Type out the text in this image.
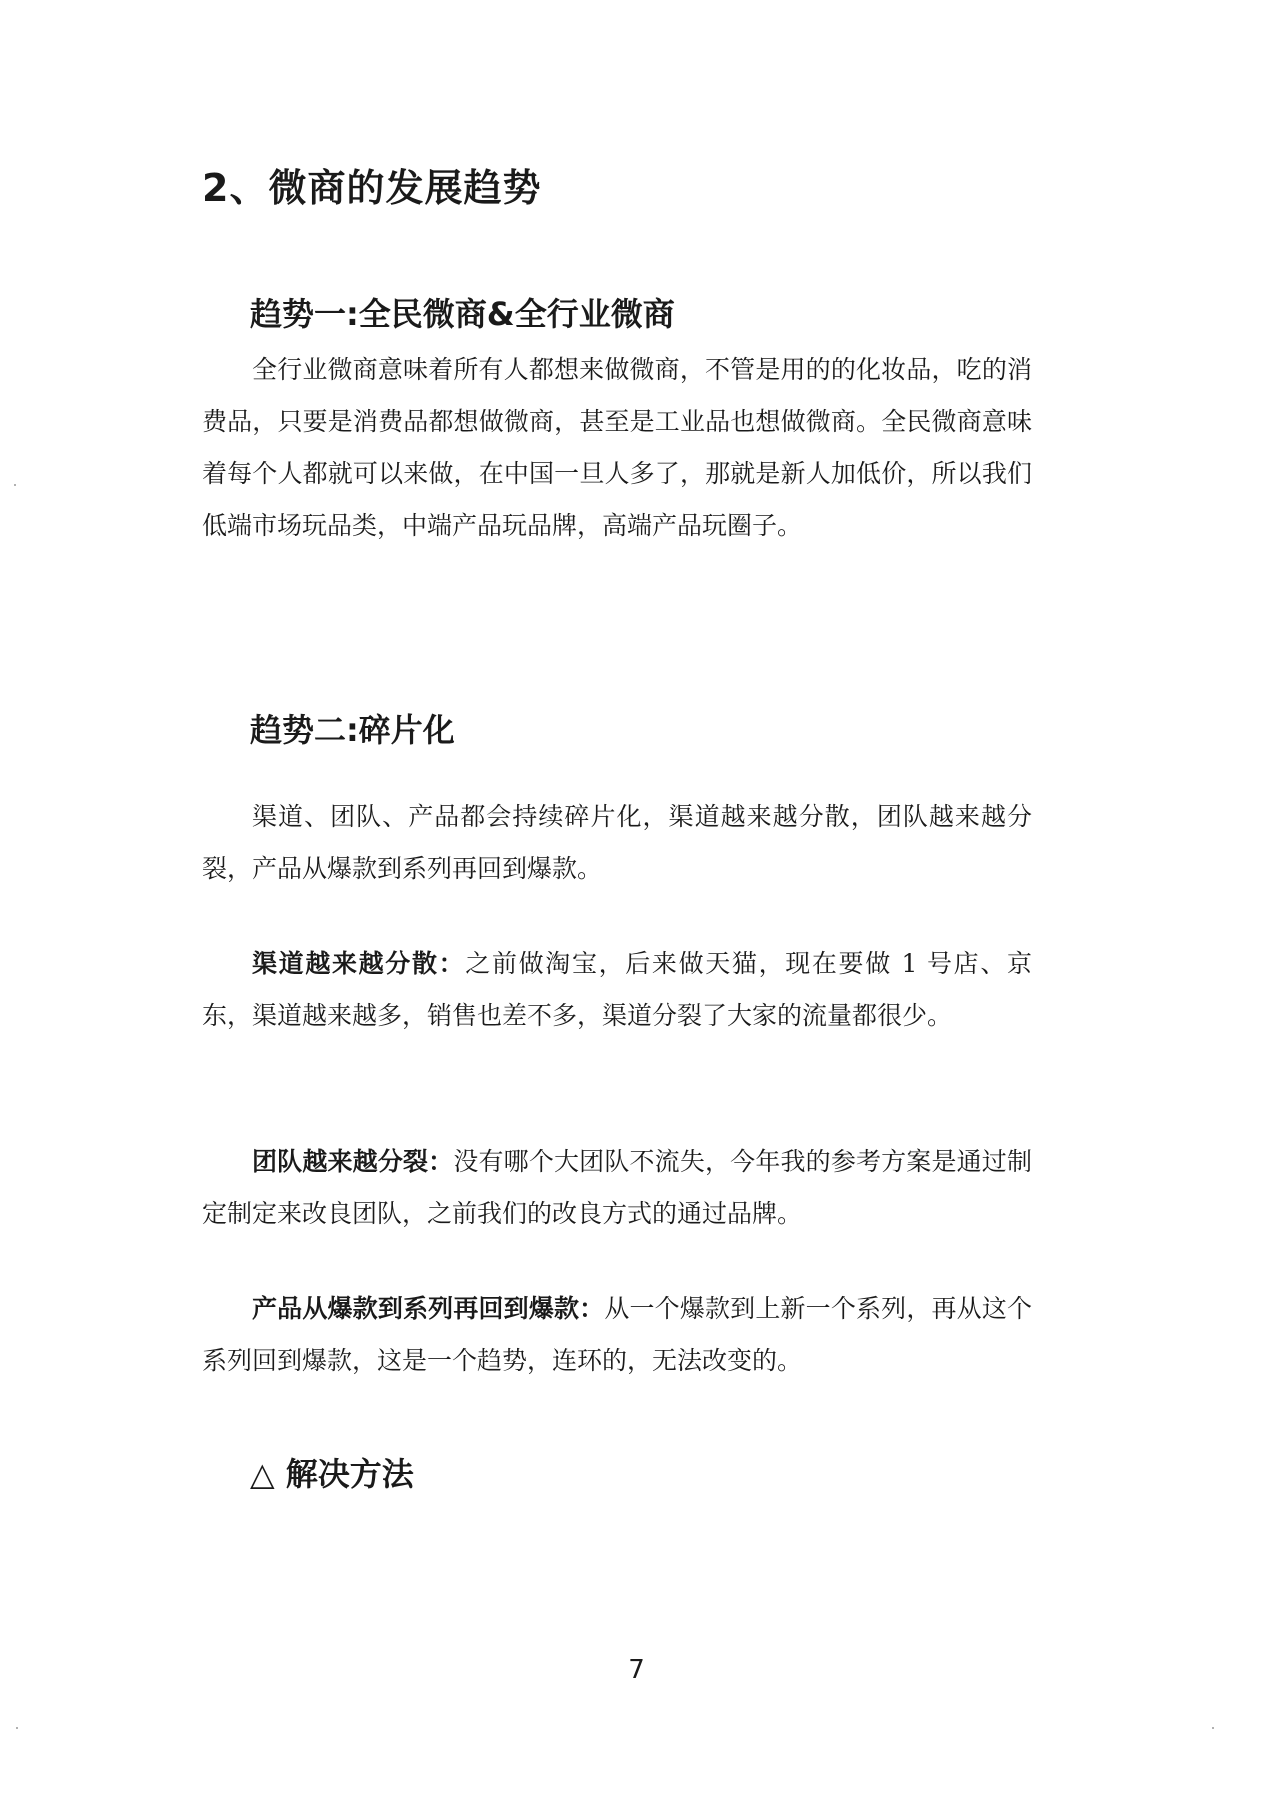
2、微商的发展趋势
趋势一:全民微商&全行业微商

全行业微商意味着所有人都想来做微商，不管是用的的化妆品，吃的消费品，只要是消费品都想做微商，甚至是工业品也想做微商。全民微商意味着每个人都就可以来做，在中国一旦人多了，那就是新人加低价，所以我们低端市场玩品类，中端产品玩品牌，高端产品玩圈子。

趋势二:碎片化

渠道、团队、产品都会持续碎片化，渠道越来越分散，团队越来越分裂，产品从爆款到系列再回到爆款。

渠道越来越分散：之前做淘宝，后来做天猫，现在要做 1 号店、京东，渠道越来越多，销售也差不多，渠道分裂了大家的流量都很少。

团队越来越分裂：没有哪个大团队不流失，今年我的参考方案是通过制定制定来改良团队，之前我们的改良方式的通过品牌。

产品从爆款到系列再回到爆款：从一个爆款到上新一个系列，再从这个系列回到爆款，这是一个趋势，连环的，无法改变的。

△ 解决方法
7
